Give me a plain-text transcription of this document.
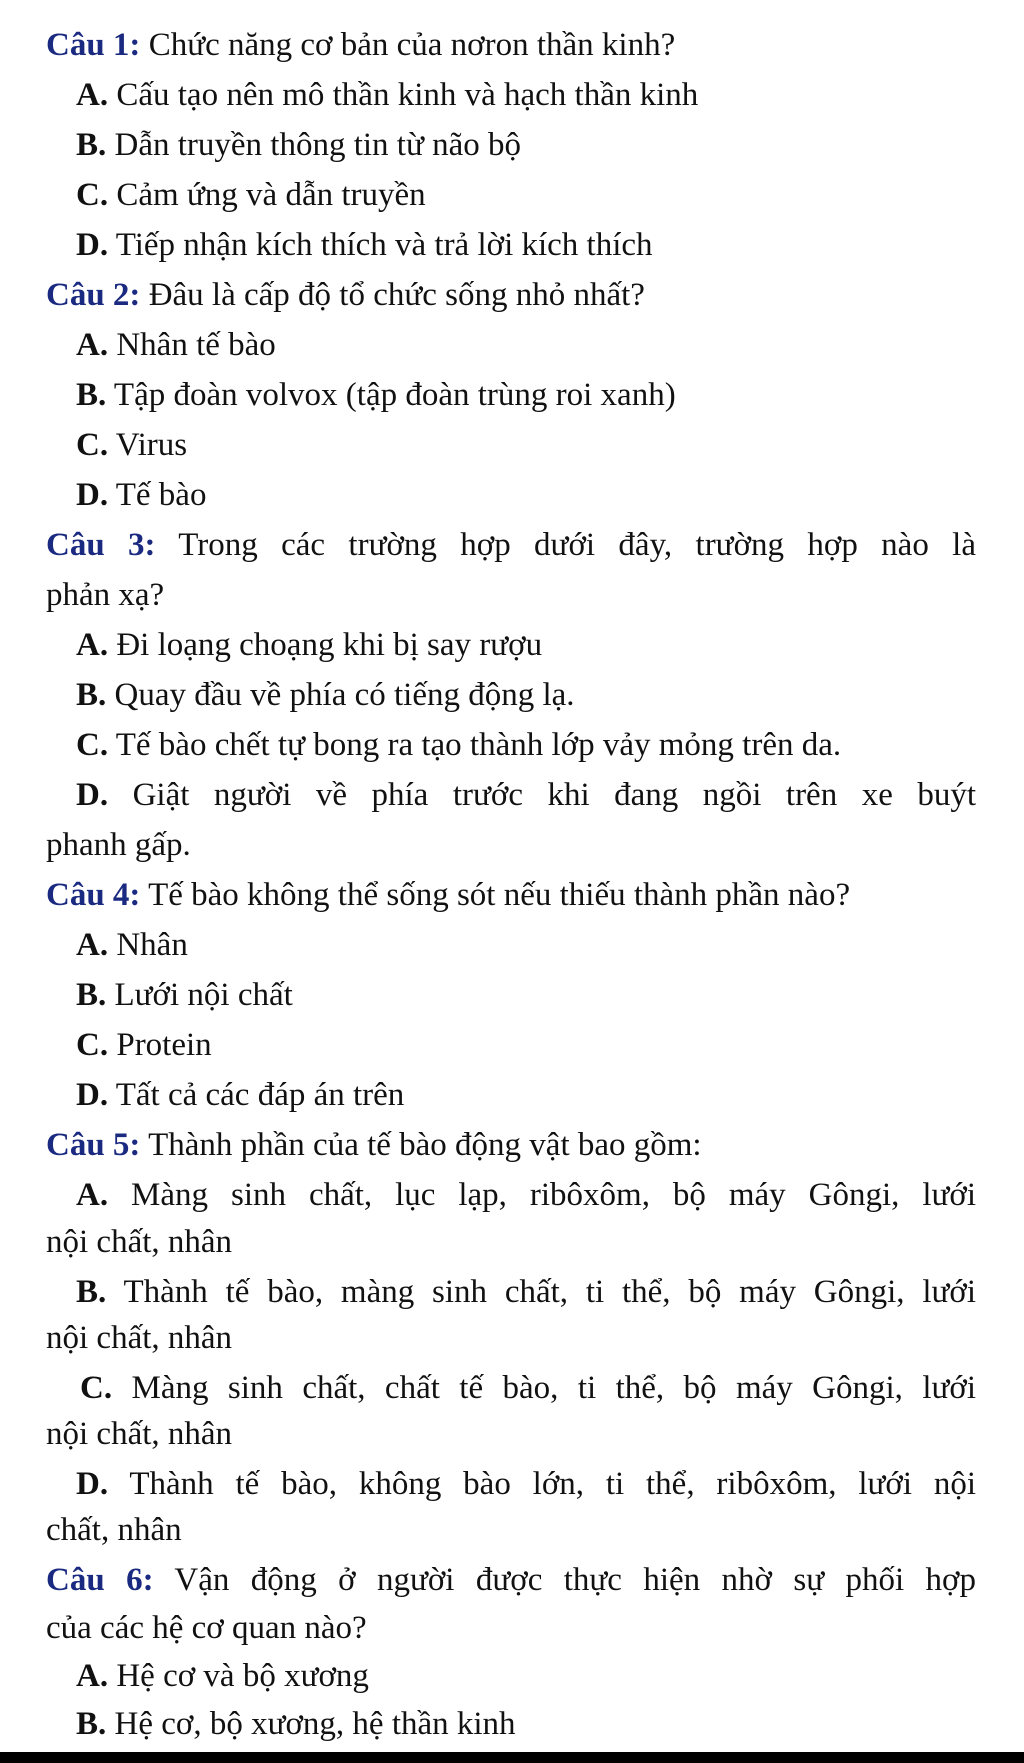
Câu 1: Chức năng cơ bản của nơron thần kinh?
A. Cấu tạo nên mô thần kinh và hạch thần kinh
B. Dẫn truyền thông tin từ não bộ
C. Cảm ứng và dẫn truyền
D. Tiếp nhận kích thích và trả lời kích thích
Câu 2: Đâu là cấp độ tổ chức sống nhỏ nhất?
A. Nhân tế bào
B. Tập đoàn volvox (tập đoàn trùng roi xanh)
C. Virus
D. Tế bào
Câu 3: Trong các trường hợp dưới đây, trường hợp nào là
phản xạ?
A. Đi loạng choạng khi bị say rượu
B. Quay đầu về phía có tiếng động lạ.
C. Tế bào chết tự bong ra tạo thành lớp vảy mỏng trên da.
D. Giật người về phía trước khi đang ngồi trên xe buýt
phanh gấp.
Câu 4: Tế bào không thể sống sót nếu thiếu thành phần nào?
A. Nhân
B. Lưới nội chất
C. Protein
D. Tất cả các đáp án trên
Câu 5: Thành phần của tế bào động vật bao gồm:
A. Màng sinh chất, lục lạp, ribôxôm, bộ máy Gôngi, lưới
nội chất, nhân
B. Thành tế bào, màng sinh chất, ti thể, bộ máy Gôngi, lưới
nội chất, nhân
C. Màng sinh chất, chất tế bào, ti thể, bộ máy Gôngi, lưới
nội chất, nhân
D. Thành tế bào, không bào lớn, ti thể, ribôxôm, lưới nội
chất, nhân
Câu 6: Vận động ở người được thực hiện nhờ sự phối hợp
của các hệ cơ quan nào?
A. Hệ cơ và bộ xương
B. Hệ cơ, bộ xương, hệ thần kinh
